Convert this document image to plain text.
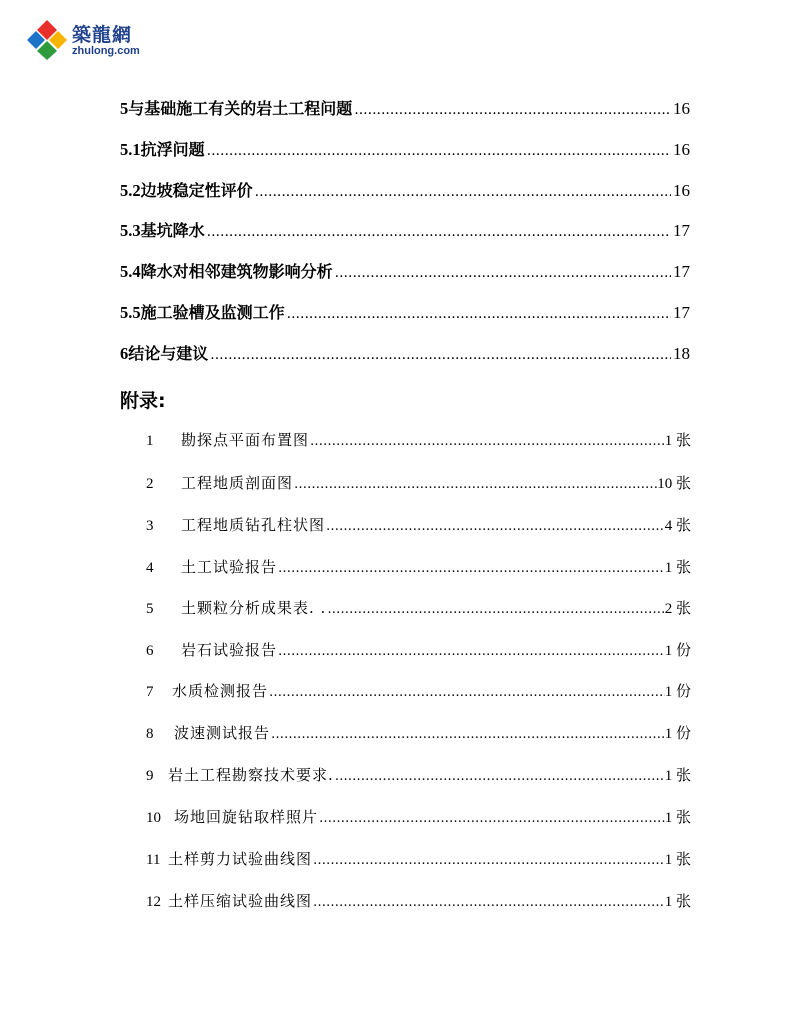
築龍網
zhulong.com
5 与基础施工有关的岩土工程问题 .....	16
5.1 抗浮问题 .....	16
5.2 边坡稳定性评价 .....	16
5.3 基坑降水 .....	17
5.4 降水对相邻建筑物影响分析 .....	17
5.5 施工验槽及监测工作 .....	17
6 结论与建议 .....	18
附录:
1	勘探点平面布置图 …………………………………………………………………………………………………………………………………………………………………………………………	1 张
2	工程地质剖面图 …………………………………………………………………………………………………………………………………………………………………………………………	10 张
3	工程地质钻孔柱状图 …………………………………………………………………………………………………………………………………………………………………………………………	4 张
4	土工试验报告 …………………………………………………………………………………………………………………………………………………………………………………………	1 张
5	土颗粒分析成果表. . …………………………………………………………………………………………………………………………………………………………………………………………	2 张
6	岩石试验报告 …………………………………………………………………………………………………………………………………………………………………………………………	1 份
7	水质检测报告 …………………………………………………………………………………………………………………………………………………………………………………………	1 份
8	波速测试报告 …………………………………………………………………………………………………………………………………………………………………………………………	1 份
9 岩土工程勘察技术要求. …………………………………………………………………………………………………………………………………………………………………………………………	1 张
10 场地回旋钻取样照片 …………………………………………………………………………………………………………………………………………………………………………………………	1 张
11 土样剪力试验曲线图 …………………………………………………………………………………………………………………………………………………………………………………………	1 张
12 土样压缩试验曲线图 …………………………………………………………………………………………………………………………………………………………………………………………	1 张
